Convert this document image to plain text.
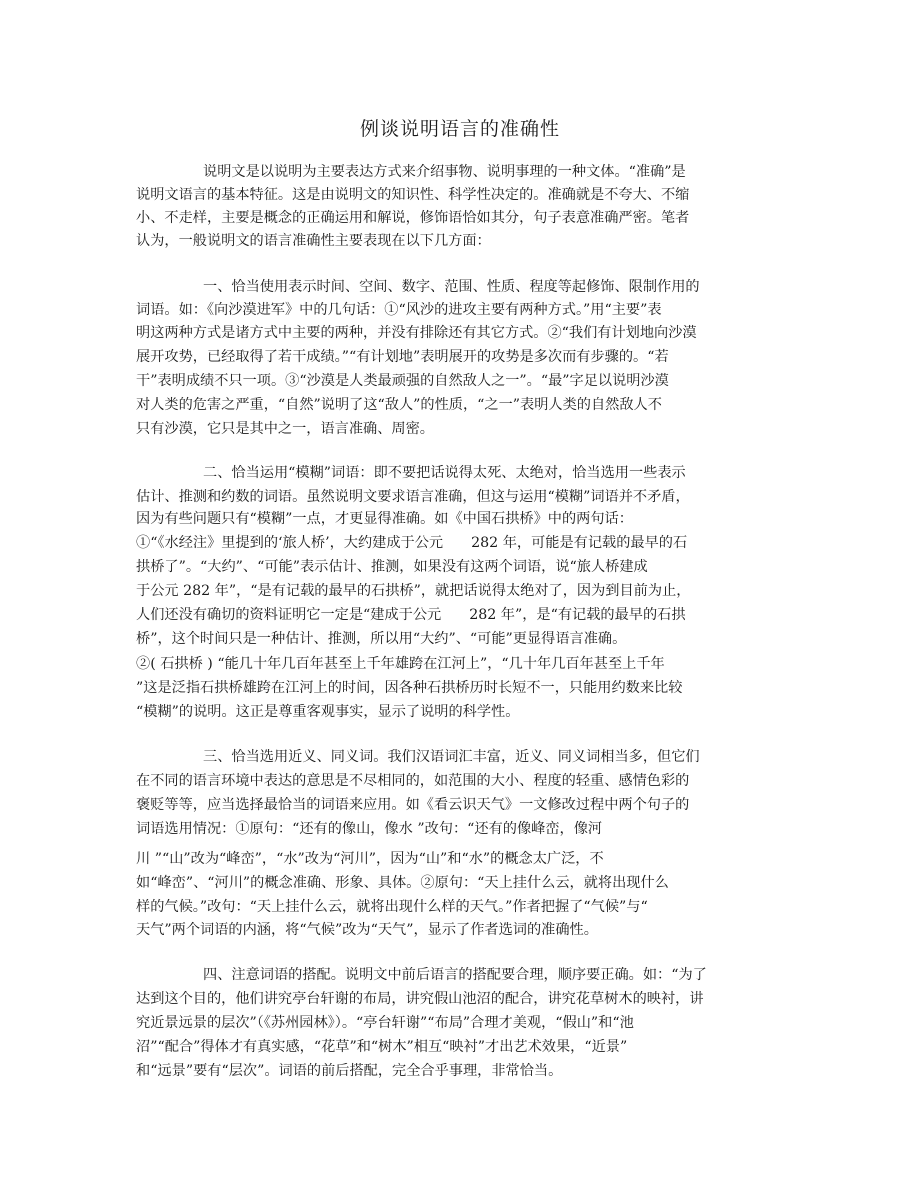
例谈说明语言的准确性
说明文是以说明为主要表达方式来介绍事物、说明事理的一种文体。“准确”是
说明文语言的基本特征。这是由说明文的知识性、科学性决定的。准确就是不夸大、不缩
小、不走样，主要是概念的正确运用和解说，修饰语恰如其分，句子表意准确严密。笔者
认为，一般说明文的语言准确性主要表现在以下几方面：
一、恰当使用表示时间、空间、数字、范围、性质、程度等起修饰、限制作用的
词语。如：《向沙漠进军》中的几句话：①“风沙的进攻主要有两种方式。”用“主要”表
明这两种方式是诸方式中主要的两种，并没有排除还有其它方式。②“我们有计划地向沙漠
展开攻势，已经取得了若干成绩。”“有计划地”表明展开的攻势是多次而有步骤的。“若
干”表明成绩不只一项。③“沙漠是人类最顽强的自然敌人之一”。“最”字足以说明沙漠
对人类的危害之严重，“自然”说明了这“敌人”的性质，“之一”表明人类的自然敌人不
只有沙漠，它只是其中之一，语言准确、周密。
二、恰当运用“模糊”词语：即不要把话说得太死、太绝对，恰当选用一些表示
估计、推测和约数的词语。虽然说明文要求语言准确，但这与运用“模糊”词语并不矛盾，
因为有些问题只有“模糊”一点，才更显得准确。如《中国石拱桥》中的两句话：
①“《水经注》里提到的‘旅人桥’，大约建成于公元 282 年，可能是有记载的最早的石
拱桥了”。“大约”、“可能”表示估计、推测，如果没有这两个词语，说“旅人桥建成
于公元 282 年”，“是有记载的最早的石拱桥”，就把话说得太绝对了，因为到目前为止，
人们还没有确切的资料证明它一定是“建成于公元 282 年”，是“有记载的最早的石拱
桥”，这个时间只是一种估计、推测，所以用“大约”、“可能”更显得语言准确。
②( 石拱桥 ) “能几十年几百年甚至上千年雄跨在江河上”，“几十年几百年甚至上千年
”这是泛指石拱桥雄跨在江河上的时间，因各种石拱桥历时长短不一，只能用约数来比较
“模糊”的说明。这正是尊重客观事实，显示了说明的科学性。
三、恰当选用近义、同义词。我们汉语词汇丰富，近义、同义词相当多，但它们
在不同的语言环境中表达的意思是不尽相同的，如范围的大小、程度的轻重、感情色彩的
褒贬等等，应当选择最恰当的词语来应用。如《看云识天气》一文修改过程中两个句子的
词语选用情况：①原句：“还有的像山，像水 ”改句：“还有的像峰峦，像河
川 ”“山”改为“峰峦”，“水”改为“河川”，因为“山”和“水”的概念太广泛，不
如“峰峦”、“河川”的概念准确、形象、具体。②原句：“天上挂什么云，就将出现什么
样的气候。”改句：“天上挂什么云，就将出现什么样的天气。”作者把握了“气候”与“
天气”两个词语的内涵，将“气候”改为“天气”，显示了作者选词的准确性。
四、注意词语的搭配。说明文中前后语言的搭配要合理，顺序要正确。如：“为了
达到这个目的，他们讲究亭台轩谢的布局，讲究假山池沼的配合，讲究花草树木的映衬，讲
究近景远景的层次”（《苏州园林》）。“亭台轩谢”“布局”合理才美观，“假山”和“池
沼”“配合”得体才有真实感，“花草”和“树木”相互“映衬”才出艺术效果，“近景”
和“远景”要有“层次”。词语的前后搭配，完全合乎事理，非常恰当。
